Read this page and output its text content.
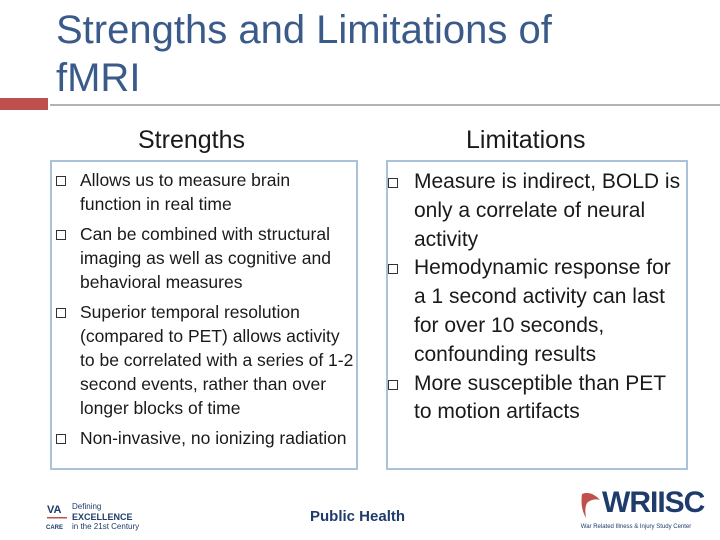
Strengths and Limitations of fMRI
Strengths	Limitations
Allows us to measure brain function in real time
Can be combined with structural imaging as well as cognitive and behavioral measures
Superior temporal resolution (compared to PET) allows activity to be correlated with a series of 1-2 second events, rather than over longer blocks of time
Non-invasive, no ionizing radiation
Measure is indirect, BOLD is only a correlate of neural activity
Hemodynamic response for a 1 second activity can last for over 10 seconds, confounding results
More susceptible than PET to motion artifacts
VA
CARE
Defining
EXCELLENCE
in the 21st Century
Public Health	WRIISC
War Related Illness & Injury Study Center
